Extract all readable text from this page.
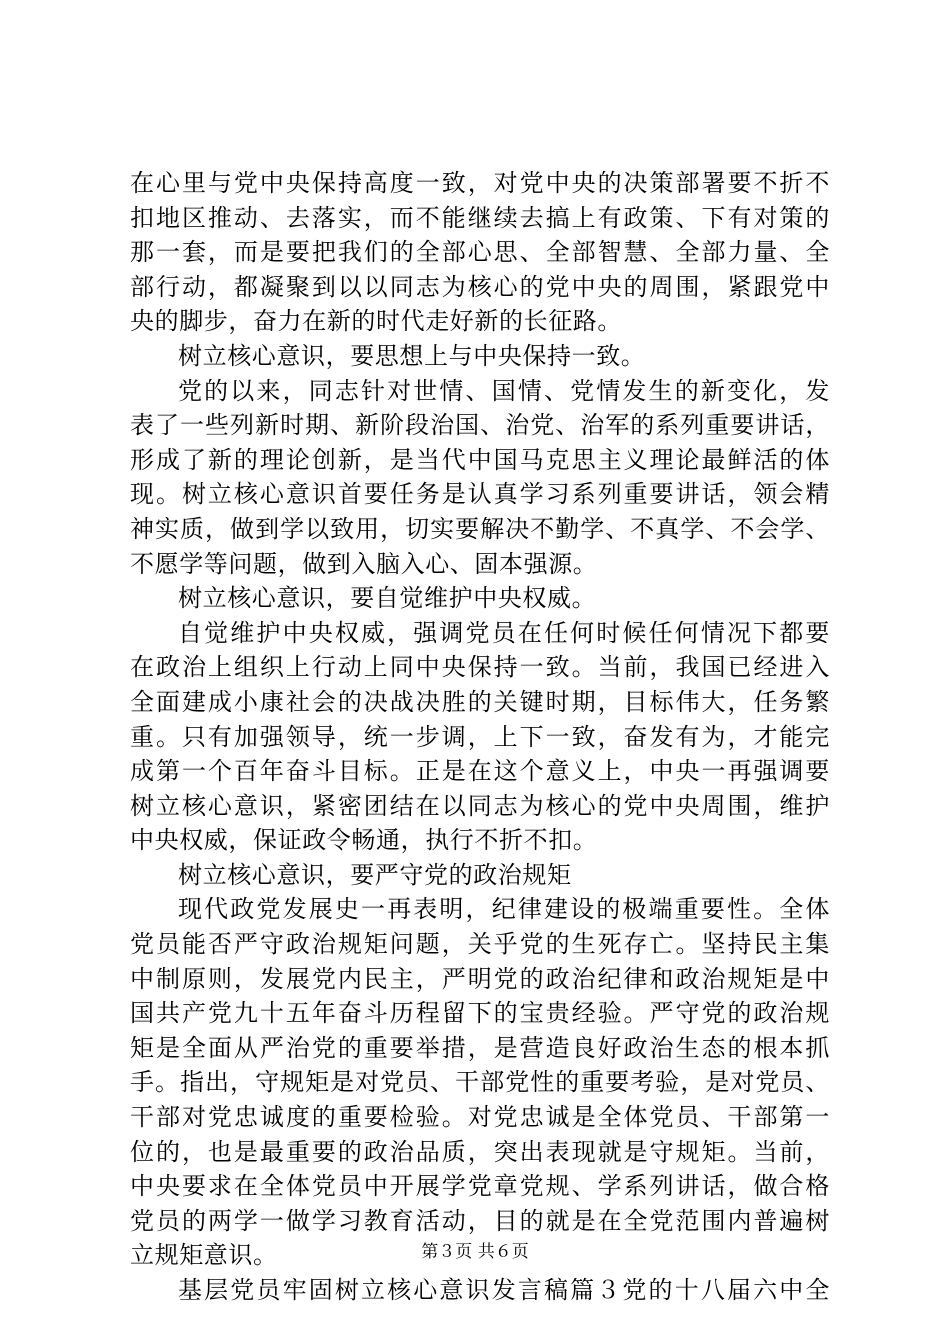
在心里与党中央保持高度一致，对党中央的决策部署要不折不
扣地区推动、去落实，而不能继续去搞上有政策、下有对策的
那一套，而是要把我们的全部心思、全部智慧、全部力量、全
部行动，都凝聚到以以同志为核心的党中央的周围，紧跟党中
央的脚步，奋力在新的时代走好新的长征路。
树立核心意识，要思想上与中央保持一致。
党的以来，同志针对世情、国情、党情发生的新变化，发
表了一些列新时期、新阶段治国、治党、治军的系列重要讲话，
形成了新的理论创新，是当代中国马克思主义理论最鲜活的体
现。树立核心意识首要任务是认真学习系列重要讲话，领会精
神实质，做到学以致用，切实要解决不勤学、不真学、不会学、
不愿学等问题，做到入脑入心、固本强源。
树立核心意识，要自觉维护中央权威。
自觉维护中央权威，强调党员在任何时候任何情况下都要
在政治上组织上行动上同中央保持一致。当前，我国已经进入
全面建成小康社会的决战决胜的关键时期，目标伟大，任务繁
重。只有加强领导，统一步调，上下一致，奋发有为，才能完
成第一个百年奋斗目标。正是在这个意义上，中央一再强调要
树立核心意识，紧密团结在以同志为核心的党中央周围，维护
中央权威，保证政令畅通，执行不折不扣。
树立核心意识，要严守党的政治规矩
现代政党发展史一再表明，纪律建设的极端重要性。全体
党员能否严守政治规矩问题，关乎党的生死存亡。坚持民主集
中制原则，发展党内民主，严明党的政治纪律和政治规矩是中
国共产党九十五年奋斗历程留下的宝贵经验。严守党的政治规
矩是全面从严治党的重要举措，是营造良好政治生态的根本抓
手。指出，守规矩是对党员、干部党性的重要考验，是对党员、
干部对党忠诚度的重要检验。对党忠诚是全体党员、干部第一
位的，也是最重要的政治品质，突出表现就是守规矩。当前，
中央要求在全体党员中开展学党章党规、学系列讲话，做合格
党员的两学一做学习教育活动，目的就是在全党范围内普遍树
立规矩意识。
基层党员牢固树立核心意识发言稿篇３党的十八届六中全
第３页 共６页
